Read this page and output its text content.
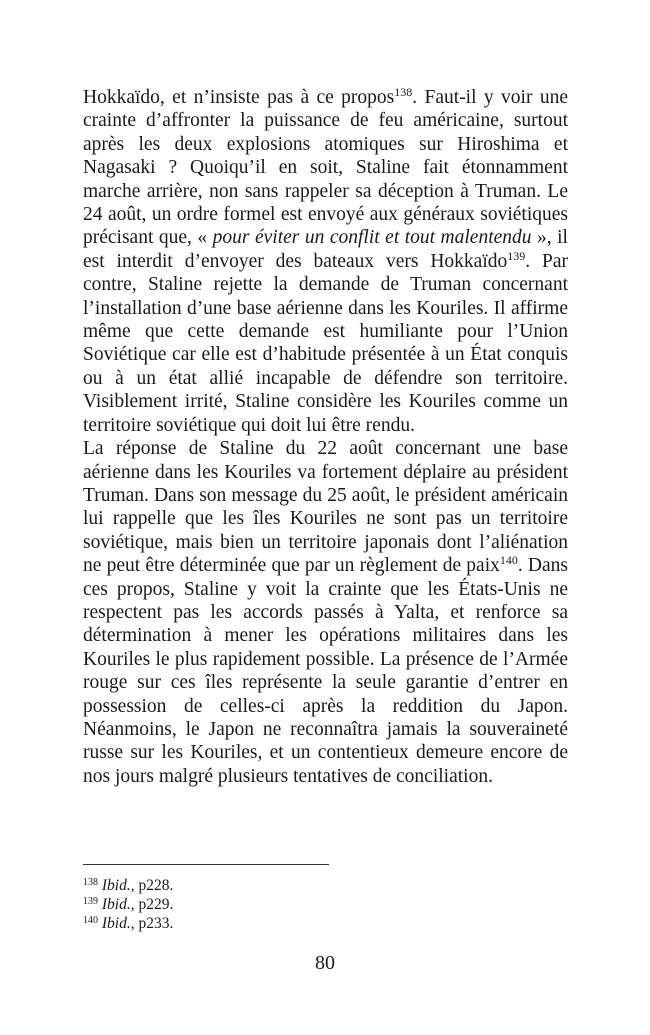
Hokkaïdo, et n’insiste pas à ce propos$^{138}$. Faut-il y voir une crainte d’affronter la puissance de feu américaine, surtout après les deux explosions atomiques sur Hiroshima et Nagasaki ? Quoiqu’il en soit, Staline fait étonnamment marche arrière, non sans rappeler sa déception à Truman. Le 24 août, un ordre formel est envoyé aux généraux soviétiques précisant que, « pour éviter un conflit et tout malentendu », il est interdit d’envoyer des bateaux vers Hokkaïdo$^{139}$. Par contre, Staline rejette la demande de Truman concernant l’installation d’une base aérienne dans les Kouriles. Il affirme même que cette demande est humiliante pour l’Union Soviétique car elle est d’habitude présentée à un État conquis ou à un état allié incapable de défendre son territoire. Visiblement irrité, Staline considère les Kouriles comme un territoire soviétique qui doit lui être rendu.

La réponse de Staline du 22 août concernant une base aérienne dans les Kouriles va fortement déplaire au président Truman. Dans son message du 25 août, le président américain lui rappelle que les îles Kouriles ne sont pas un territoire soviétique, mais bien un territoire japonais dont l’aliénation ne peut être déterminée que par un règlement de paix$^{140}$. Dans ces propos, Staline y voit la crainte que les États-Unis ne respectent pas les accords passés à Yalta, et renforce sa détermination à mener les opérations militaires dans les Kouriles le plus rapidement possible. La présence de l’Armée rouge sur ces îles représente la seule garantie d’entrer en possession de celles-ci après la reddition du Japon. Néanmoins, le Japon ne reconnaîtra jamais la souveraineté russe sur les Kouriles, et un contentieux demeure encore de nos jours malgré plusieurs tentatives de conciliation.

$^{138}$ Ibid., p228.

$^{139}$ Ibid., p229.

$^{140}$ Ibid., p233.

80
